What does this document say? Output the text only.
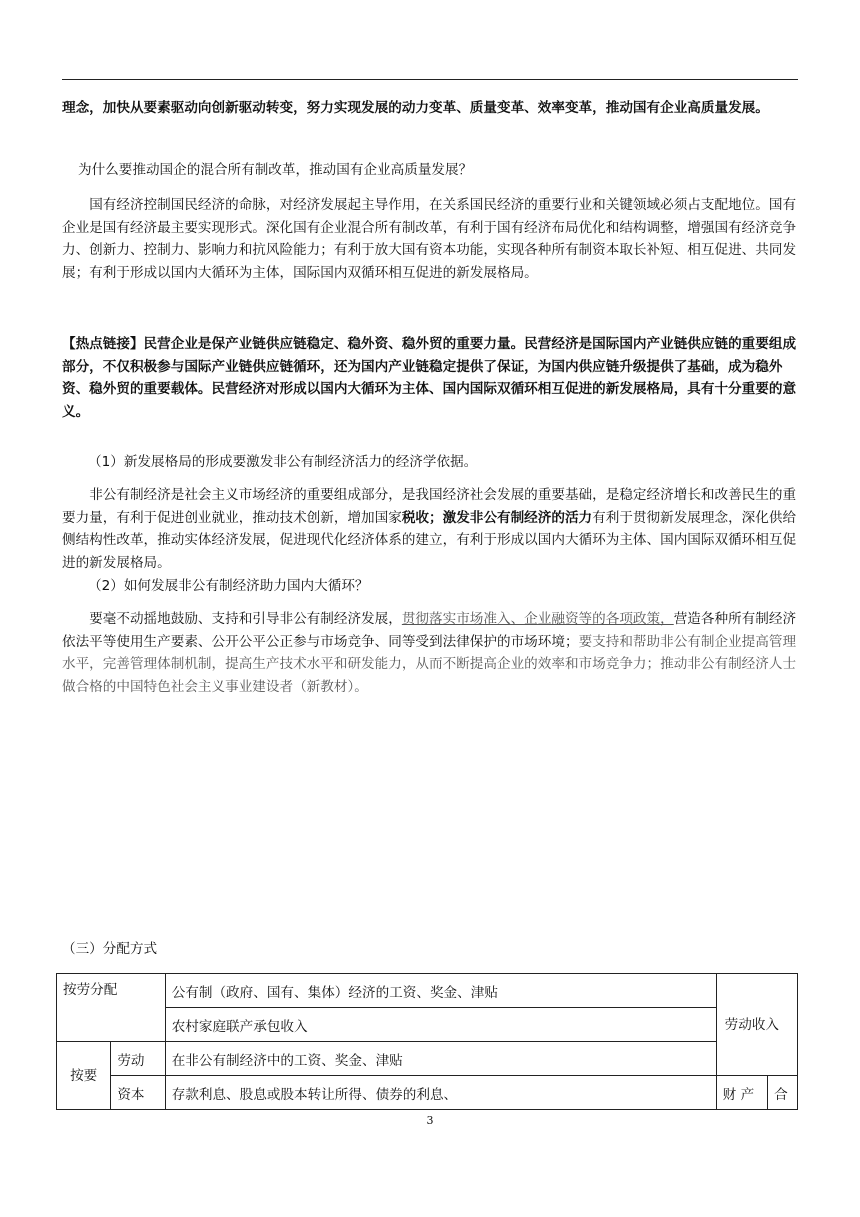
理念，加快从要素驱动向创新驱动转变，努力实现发展的动力变革、质量变革、效率变革，推动国有企业高质量发展。

为什么要推动国企的混合所有制改革，推动国有企业高质量发展？

国有经济控制国民经济的命脉，对经济发展起主导作用，在关系国民经济的重要行业和关键领域必须占支配地位。国有企业是国有经济最主要实现形式。深化国有企业混合所有制改革，有利于国有经济布局优化和结构调整，增强国有经济竞争力、创新力、控制力、影响力和抗风险能力；有利于放大国有资本功能，实现各种所有制资本取长补短、相互促进、共同发展；有利于形成以国内大循环为主体，国际国内双循环相互促进的新发展格局。

【热点链接】民营企业是保产业链供应链稳定、稳外资、稳外贸的重要力量。民营经济是国际国内产业链供应链的重要组成部分，不仅积极参与国际产业链供应链循环，还为国内产业链稳定提供了保证，为国内供应链升级提供了基础，成为稳外资、稳外贸的重要载体。民营经济对形成以国内大循环为主体、国内国际双循环相互促进的新发展格局，具有十分重要的意义。

（1）新发展格局的形成要激发非公有制经济活力的经济学依据。

非公有制经济是社会主义市场经济的重要组成部分，是我国经济社会发展的重要基础，是稳定经济增长和改善民生的重要力量，有利于促进创业就业，推动技术创新，增加国家税收；激发非公有制经济的活力有利于贯彻新发展理念，深化供给侧结构性改革，推动实体经济发展，促进现代化经济体系的建立，有利于形成以国内大循环为主体、国内国际双循环相互促进的新发展格局。

（2）如何发展非公有制经济助力国内大循环？

要毫不动摇地鼓励、支持和引导非公有制经济发展，贯彻落实市场准入、企业融资等的各项政策，营造各种所有制经济依法平等使用生产要素、公开公平公正参与市场竞争、同等受到法律保护的市场环境；要支持和帮助非公有制企业提高管理水平，完善管理体制机制，提高生产技术水平和研发能力，从而不断提高企业的效率和市场竞争力；推动非公有制经济人士做合格的中国特色社会主义事业建设者（新教材）。

（三）分配方式

按劳分配		公有制（政府、国有、集体）经济的工资、奖金、津贴	劳动收入	
		农村家庭联产承包收入		
按要	劳动	在非公有制经济中的工资、奖金、津贴		
	资本	存款利息、股息或股本转让所得、债券的利息、	财 产	合
3
